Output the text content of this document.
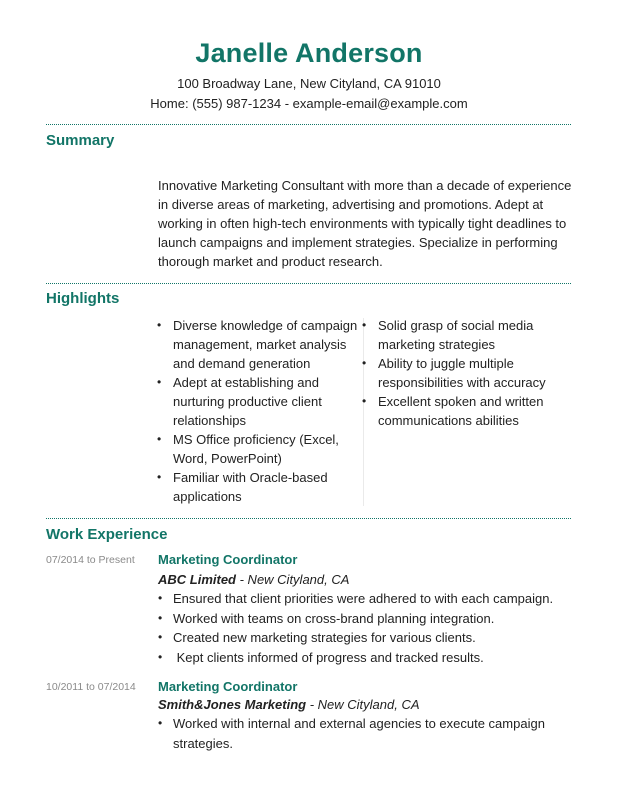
Janelle Anderson
100 Broadway Lane, New Cityland, CA 91010
Home: (555) 987-1234 - example-email@example.com
Summary
Innovative Marketing Consultant with more than a decade of experience in diverse areas of marketing, advertising and promotions. Adept at working in often high-tech environments with typically tight deadlines to launch campaigns and implement strategies. Specialize in performing thorough market and product research.
Highlights
• Diverse knowledge of campaign management, market analysis and demand generation
• Adept at establishing and nurturing productive client relationships
• MS Office proficiency (Excel, Word, PowerPoint)
• Familiar with Oracle-based applications
• Solid grasp of social media marketing strategies
• Ability to juggle multiple responsibilities with accuracy
• Excellent spoken and written communications abilities
Work Experience
07/2014 to Present Marketing Coordinator
ABC Limited - New Cityland, CA
• Ensured that client priorities were adhered to with each campaign.
• Worked with teams on cross-brand planning integration.
• Created new marketing strategies for various clients.
•  Kept clients informed of progress and tracked results.
10/2011 to 07/2014 Marketing Coordinator
Smith&Jones Marketing - New Cityland, CA
• Worked with internal and external agencies to execute campaign strategies.
